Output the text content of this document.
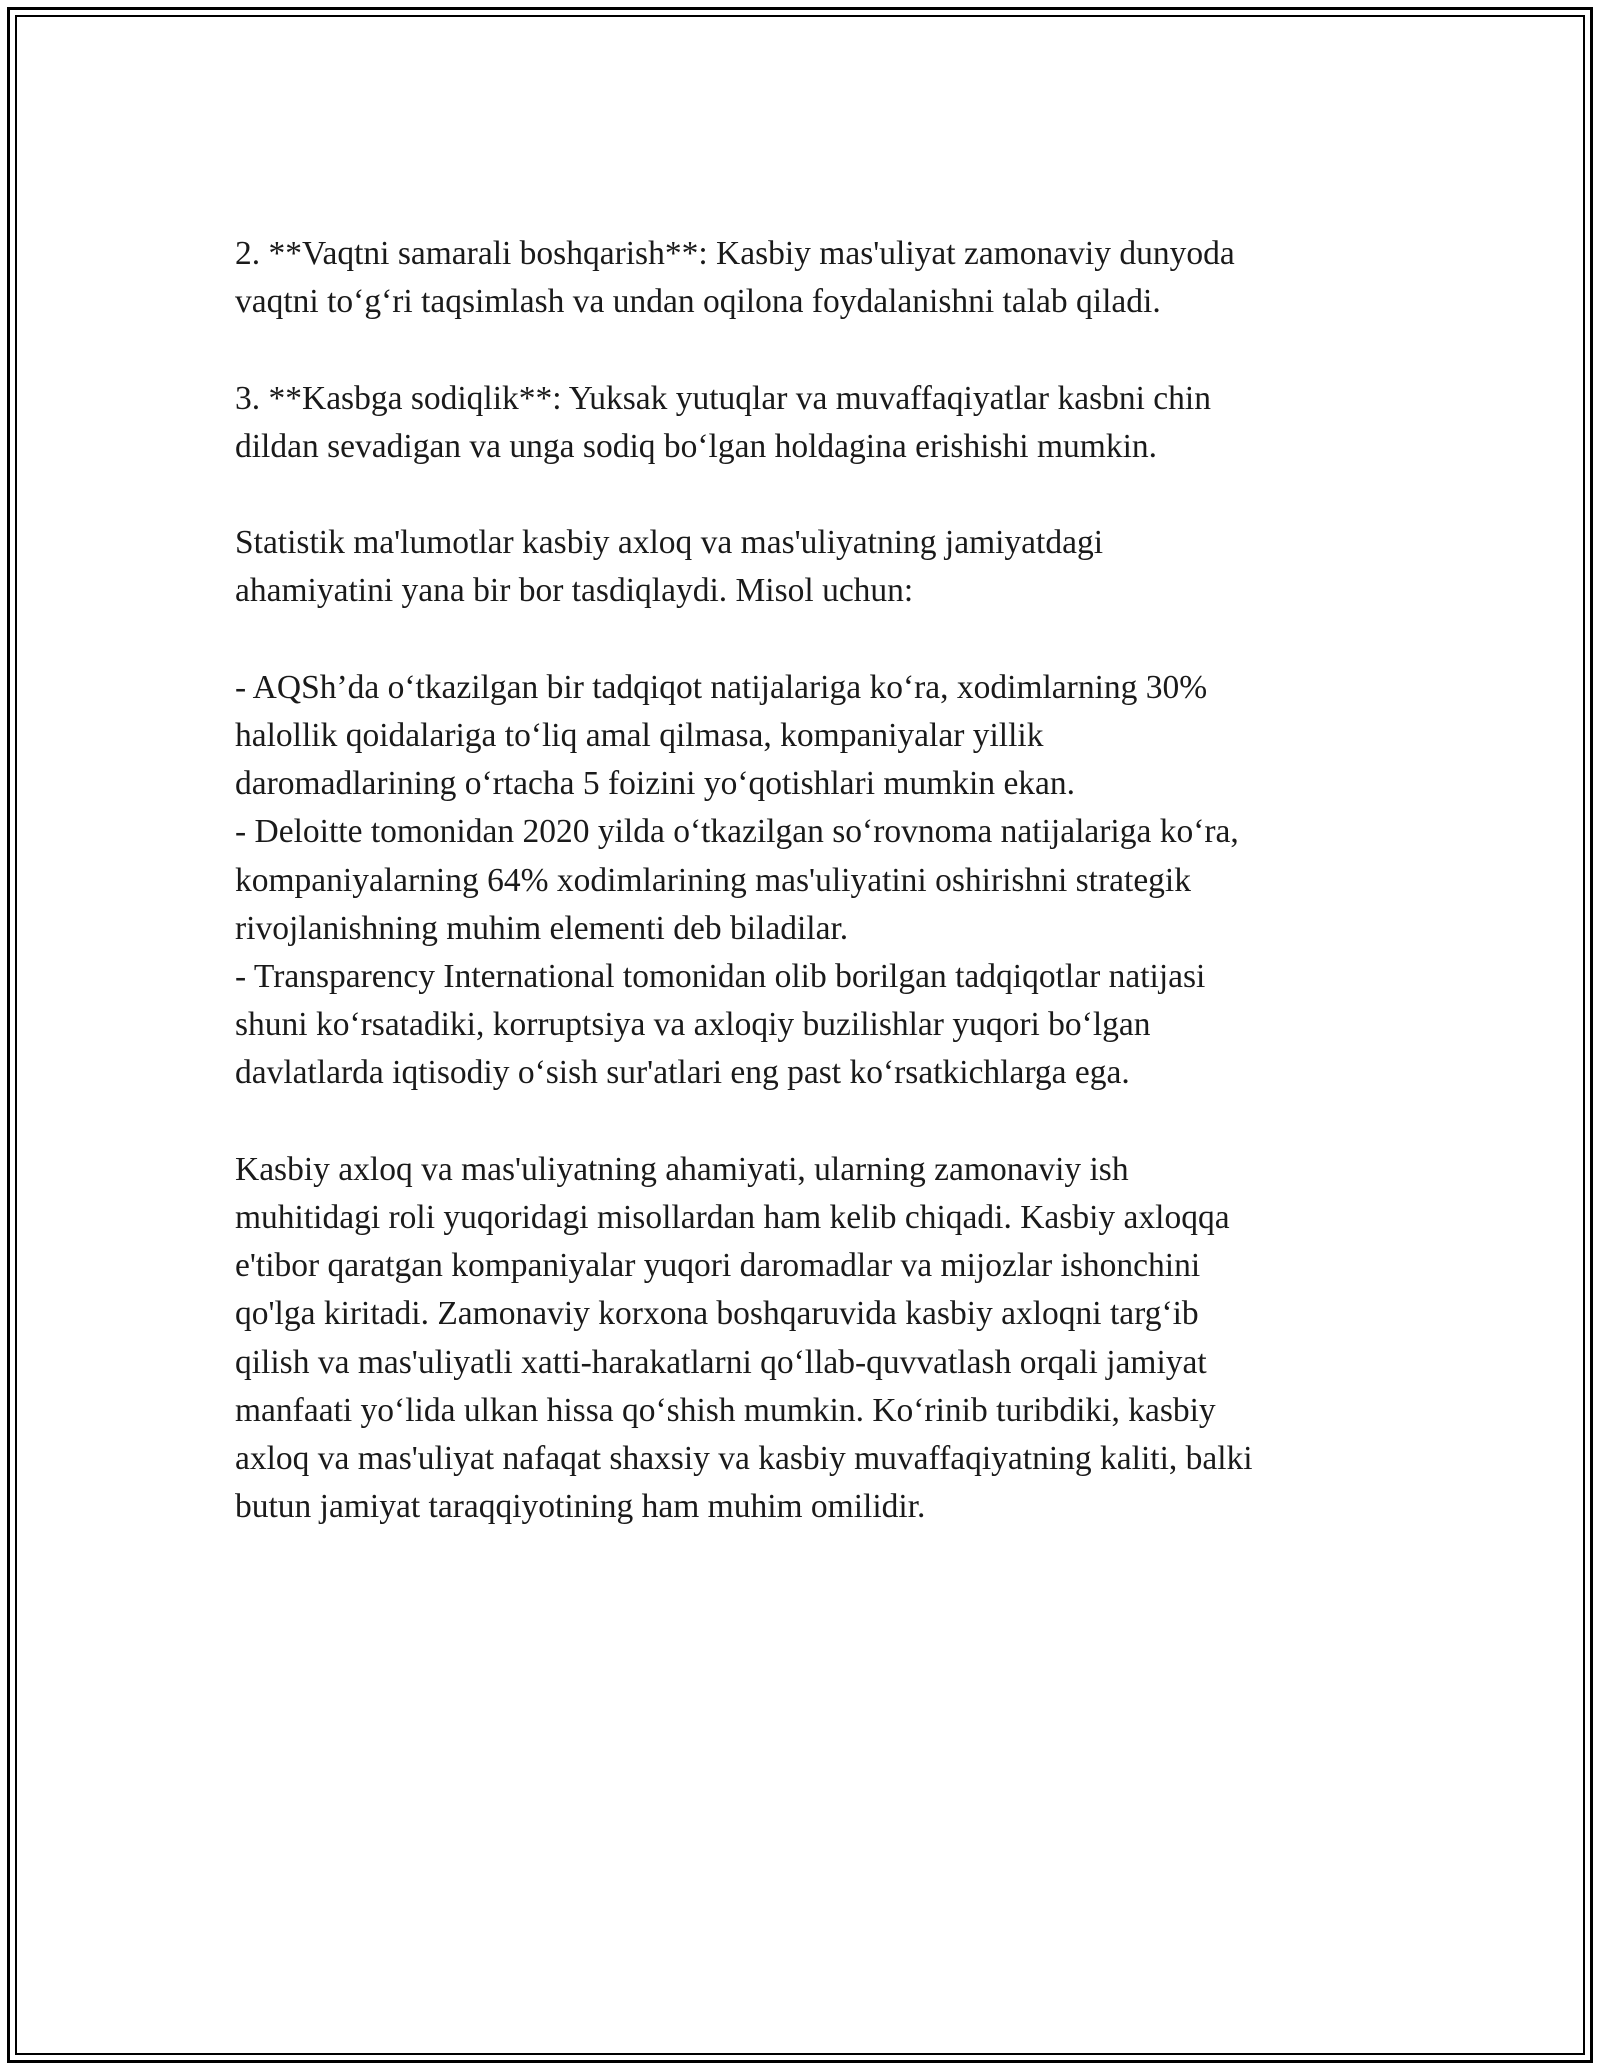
2. **Vaqtni samarali boshqarish**: Kasbiy mas'uliyat zamonaviy dunyoda
vaqtni to‘g‘ri taqsimlash va undan oqilona foydalanishni talab qiladi.

3. **Kasbga sodiqlik**: Yuksak yutuqlar va muvaffaqiyatlar kasbni chin
dildan sevadigan va unga sodiq bo‘lgan holdagina erishishi mumkin.

Statistik ma'lumotlar kasbiy axloq va mas'uliyatning jamiyatdagi
ahamiyatini yana bir bor tasdiqlaydi. Misol uchun:

- AQSh’da o‘tkazilgan bir tadqiqot natijalariga ko‘ra, xodimlarning 30%
halollik qoidalariga to‘liq amal qilmasa, kompaniyalar yillik
daromadlarining o‘rtacha 5 foizini yo‘qotishlari mumkin ekan.
- Deloitte tomonidan 2020 yilda o‘tkazilgan so‘rovnoma natijalariga ko‘ra,
kompaniyalarning 64% xodimlarining mas'uliyatini oshirishni strategik
rivojlanishning muhim elementi deb biladilar.
- Transparency International tomonidan olib borilgan tadqiqotlar natijasi
shuni ko‘rsatadiki, korruptsiya va axloqiy buzilishlar yuqori bo‘lgan
davlatlarda iqtisodiy o‘sish sur'atlari eng past ko‘rsatkichlarga ega.

Kasbiy axloq va mas'uliyatning ahamiyati, ularning zamonaviy ish
muhitidagi roli yuqoridagi misollardan ham kelib chiqadi. Kasbiy axloqqa
e'tibor qaratgan kompaniyalar yuqori daromadlar va mijozlar ishonchini
qo'lga kiritadi. Zamonaviy korxona boshqaruvida kasbiy axloqni targ‘ib
qilish va mas'uliyatli xatti-harakatlarni qo‘llab-quvvatlash orqali jamiyat
manfaati yo‘lida ulkan hissa qo‘shish mumkin. Ko‘rinib turibdiki, kasbiy
axloq va mas'uliyat nafaqat shaxsiy va kasbiy muvaffaqiyatning kaliti, balki
butun jamiyat taraqqiyotining ham muhim omilidir.
